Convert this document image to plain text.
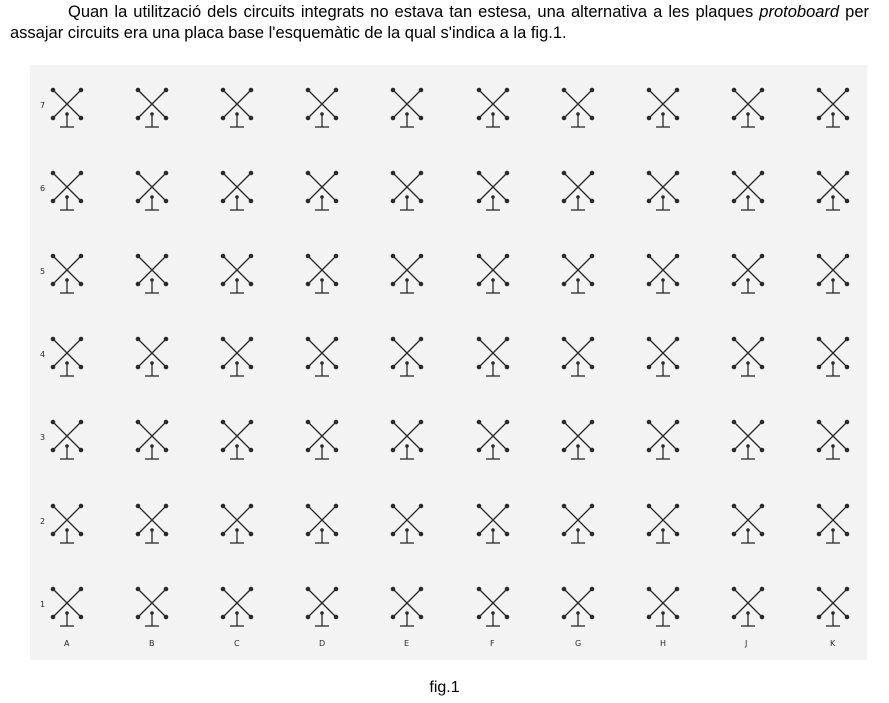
Quan la utilització dels circuits integrats no estava tan estesa, una alternativa a les plaques protoboard per assajar circuits era una placa base l'esquemàtic de la qual s'indica a la fig.1.

7
6
5
4
3
2
1
A	B	C	D	E	F	G	H	J	K
fig.1
